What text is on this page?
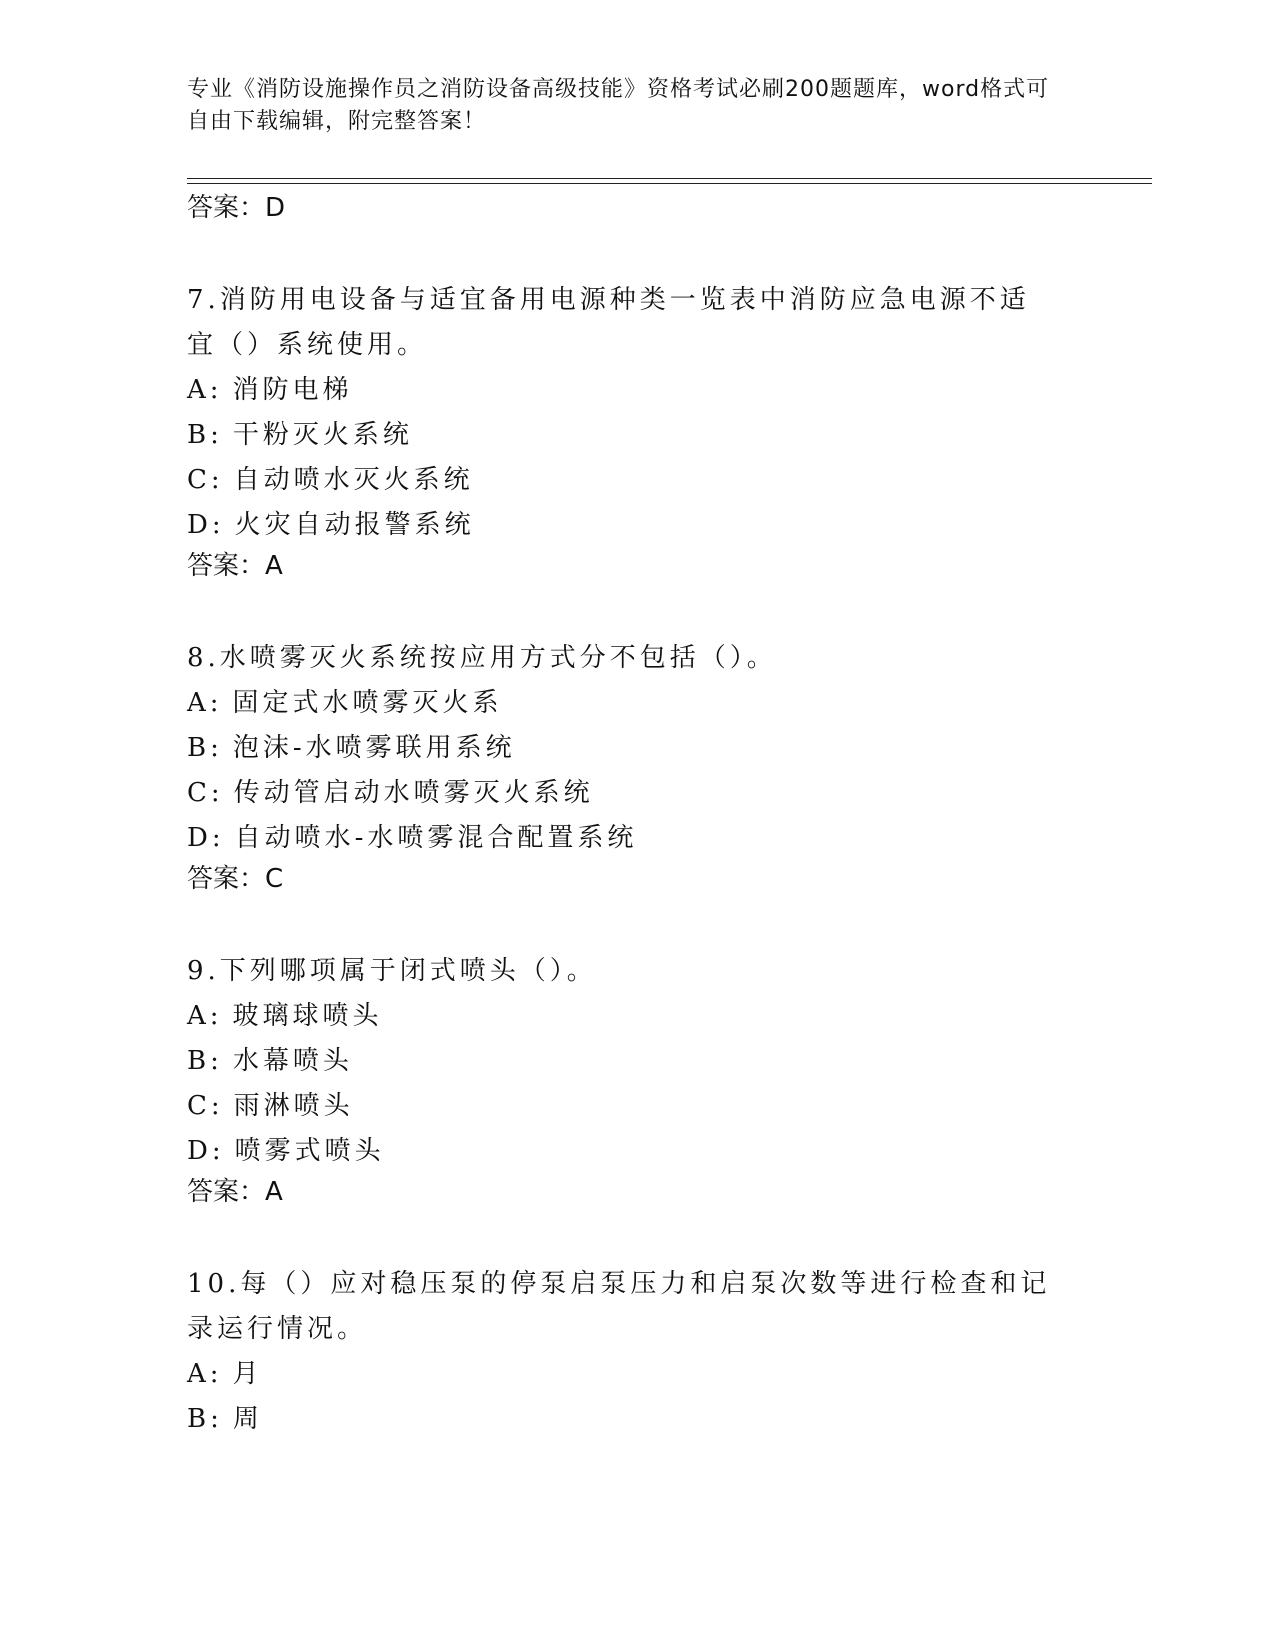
专业《消防设施操作员之消防设备高级技能》资格考试必刷200题题库，word格式可自由下载编辑，附完整答案！

答案：D

7.消防用电设备与适宜备用电源种类一览表中消防应急电源不适宜（）系统使用。

A: 消防电梯

B: 干粉灭火系统

C: 自动喷水灭火系统

D: 火灾自动报警系统

答案：A

8.水喷雾灭火系统按应用方式分不包括（）。

A: 固定式水喷雾灭火系

B: 泡沫-水喷雾联用系统

C: 传动管启动水喷雾灭火系统

D: 自动喷水-水喷雾混合配置系统

答案：C

9.下列哪项属于闭式喷头（）。

A: 玻璃球喷头

B: 水幕喷头

C: 雨淋喷头

D: 喷雾式喷头

答案：A

10.每（）应对稳压泵的停泵启泵压力和启泵次数等进行检查和记录运行情况。

A: 月

B: 周
